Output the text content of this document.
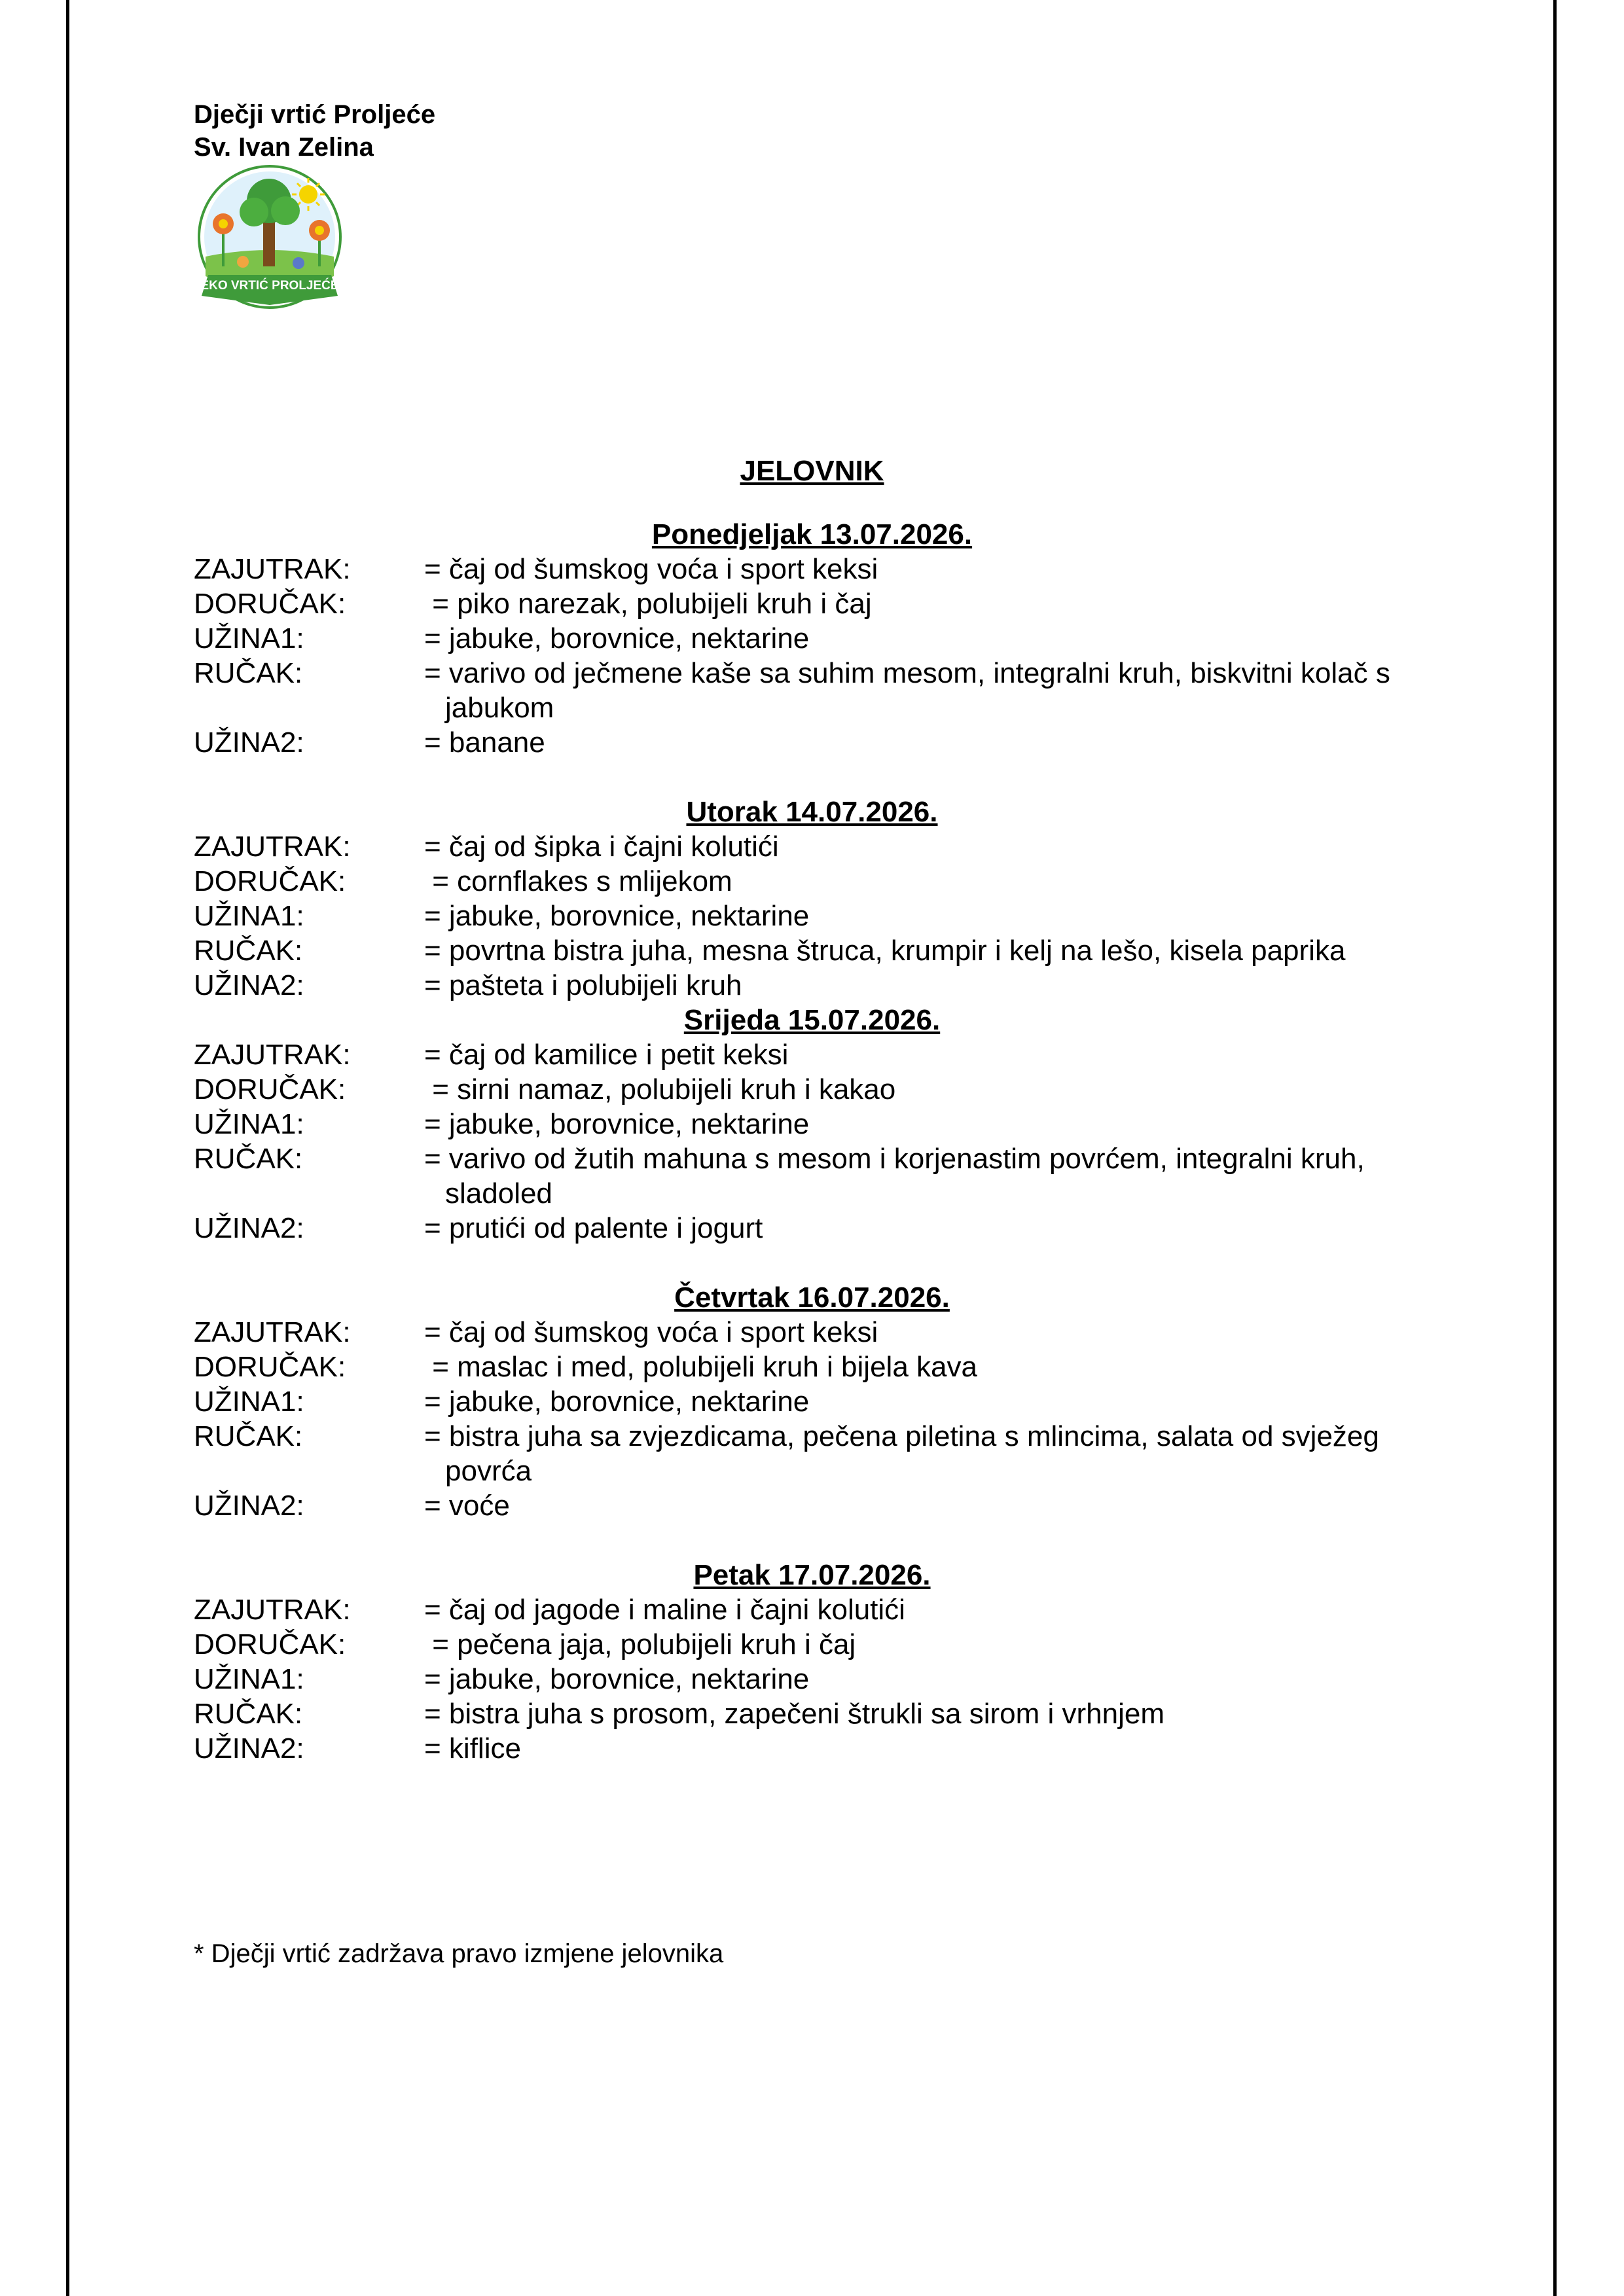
Dječji vrtić Proljeće
Sv. Ivan Zelina
EKO VRTIĆ PROLJEĆE
JELOVNIK
Ponedjeljak 13.07.2026.
ZAJUTRAK:	= čaj od šumskog voća i sport keksi
DORUČAK:	= piko narezak, polubijeli kruh i čaj
UŽINA1:	= jabuke, borovnice, nektarine
RUČAK:	= varivo od ječmene kaše sa suhim mesom, integralni kruh, biskvitni kolač s jabukom
UŽINA2:	= banane
Utorak 14.07.2026.
ZAJUTRAK:	= čaj od šipka i čajni kolutići
DORUČAK:	= cornflakes s mlijekom
UŽINA1:	= jabuke, borovnice, nektarine
RUČAK:	= povrtna bistra juha, mesna štruca, krumpir i kelj na lešo, kisela paprika
UŽINA2:	= pašteta i polubijeli kruh
Srijeda 15.07.2026.
ZAJUTRAK:	= čaj od kamilice i petit keksi
DORUČAK:	= sirni namaz, polubijeli kruh i kakao
UŽINA1:	= jabuke, borovnice, nektarine
RUČAK:	= varivo od žutih mahuna s mesom i korjenastim povrćem, integralni kruh, sladoled
UŽINA2:	= prutići od palente i jogurt
Četvrtak 16.07.2026.
ZAJUTRAK:	= čaj od šumskog voća i sport keksi
DORUČAK:	= maslac i med, polubijeli kruh i bijela kava
UŽINA1:	= jabuke, borovnice, nektarine
RUČAK:	= bistra juha sa zvjezdicama, pečena piletina s mlincima, salata od svježeg povrća
UŽINA2:	= voće
Petak 17.07.2026.
ZAJUTRAK:	= čaj od jagode i maline i čajni kolutići
DORUČAK:	= pečena jaja, polubijeli kruh i čaj
UŽINA1:	= jabuke, borovnice, nektarine
RUČAK:	= bistra juha s prosom, zapečeni štrukli sa sirom i vrhnjem
UŽINA2:	= kiflice
* Dječji vrtić zadržava pravo izmjene jelovnika
